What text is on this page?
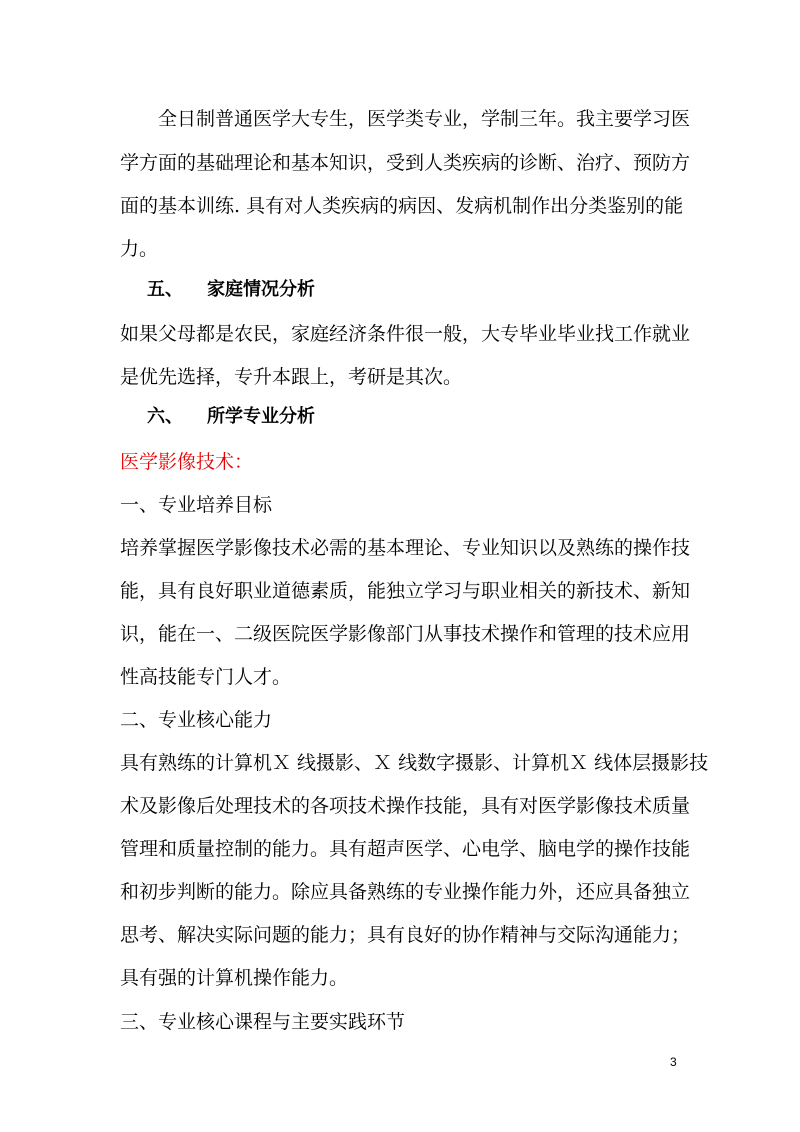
全日制普通医学大专生，医学类专业，学制三年。我主要学习医
学方面的基础理论和基本知识，受到人类疾病的诊断、治疗、预防方
面的基本训练. 具有对人类疾病的病因、发病机制作出分类鉴别的能
力。
五、 家庭情况分析
如果父母都是农民，家庭经济条件很一般，大专毕业毕业找工作就业
是优先选择，专升本跟上，考研是其次。
六、 所学专业分析
医学影像技术：
一、专业培养目标
培养掌握医学影像技术必需的基本理论、专业知识以及熟练的操作技
能，具有良好职业道德素质，能独立学习与职业相关的新技术、新知
识，能在一、二级医院医学影像部门从事技术操作和管理的技术应用
性高技能专门人才。
二、专业核心能力
具有熟练的计算机Ｘ 线摄影、Ｘ 线数字摄影、计算机Ｘ 线体层摄影技
术及影像后处理技术的各项技术操作技能，具有对医学影像技术质量
管理和质量控制的能力。具有超声医学、心电学、脑电学的操作技能
和初步判断的能力。除应具备熟练的专业操作能力外，还应具备独立
思考、解决实际问题的能力；具有良好的协作精神与交际沟通能力；
具有强的计算机操作能力。
三、专业核心课程与主要实践环节
3
